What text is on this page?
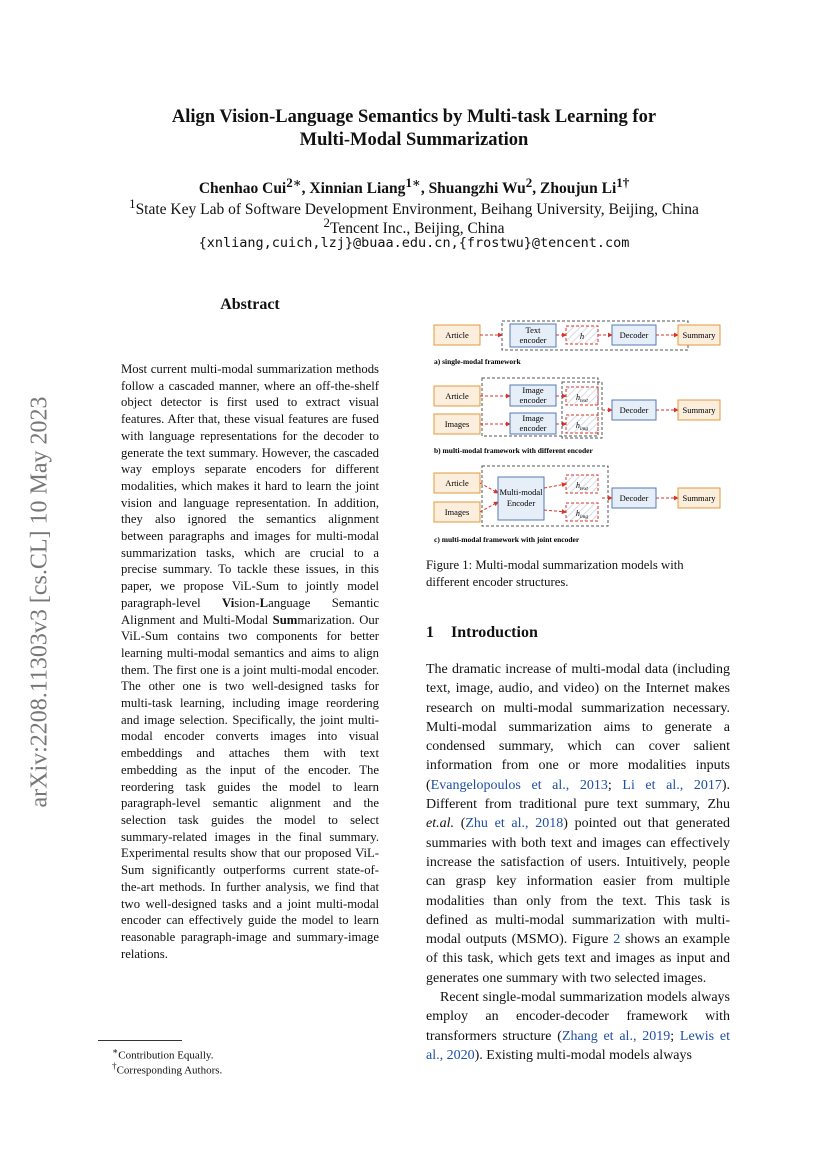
Align Vision-Language Semantics by Multi-task Learning for
Multi-Modal Summarization
Chenhao Cui$^{2∗}$, Xinnian Liang$^{1∗}$, Shuangzhi Wu$^2$, Zhoujun $Li^{1\dagger}$
$^1$State Key Lab of Software Development Environment, Beihang University, Beijing, China
$^2$Tencent Inc., Beijing, China
{xnliang,cuich,lzj}@buaa.edu.cn,{frostwu}@tencent.com
arXiv:2208.11303v3 [cs.CL] 10 May 2023
Abstract

Most current multi-modal summarization methods follow a cascaded manner, where an off-the-shelf object detector is first used to extract visual features. After that, these visual features are fused with language representations for the decoder to generate the text summary. However, the cascaded way employs separate encoders for different modalities, which makes it hard to learn the joint vision and language representation. In addition, they also ignored the semantics alignment between paragraphs and images for multi-modal summarization tasks, which are crucial to a precise summary. To tackle these issues, in this paper, we propose ViL-Sum to jointly model paragraph-level Vision-Language Semantic Alignment and Multi-Modal Summarization. Our ViL-Sum contains two components for better learning multi-modal semantics and aims to align them. The first one is a joint multi-modal encoder. The other one is two well-designed tasks for multi-task learning, including image reordering and image selection. Specifically, the joint multi-modal encoder converts images into visual embeddings and attaches them with text embedding as the input of the encoder. The reordering task guides the model to learn paragraph-level semantic alignment and the selection task guides the model to select summary-related images in the final summary. Experimental results show that our proposed ViL-Sum significantly outperforms current state-of-the-art methods. In further analysis, we find that two well-designed tasks and a joint multi-modal encoder can effectively guide the model to learn reasonable paragraph-image and summary-image relations.

∗Contribution Equally.
†Corresponding Authors.
Article	Text
encoder	h	Decoder	Summary
a) single-modal framework
Article
Images
Image
encoder
Image
encoder
$h_{text}$
$h_{img}$
Decoder	Summary
b) multi-modal framework with different encoder
Article
Images
Multi-modal
Encoder
$h_{text}$
$h_{img}$
Decoder	Summary
c) multi-modal framework with joint encoder
Figure 1: Multi-modal summarization models with different encoder structures.
1 Introduction

The dramatic increase of multi-modal data (including text, image, audio, and video) on the Internet makes research on multi-modal summarization necessary. Multi-modal summarization aims to generate a condensed summary, which can cover salient information from one or more modalities inputs (Evangelopoulos et al., 2013; Li et al., 2017). Different from traditional pure text summary, Zhu et.al. (Zhu et al., 2018) pointed out that generated summaries with both text and images can effectively increase the satisfaction of users. Intuitively, people can grasp key information easier from multiple modalities than only from the text. This task is defined as multi-modal summarization with multi-modal outputs (MSMO). Figure 2 shows an example of this task, which gets text and images as input and generates one summary with two selected images.

Recent single-modal summarization models always employ an encoder-decoder framework with transformers structure (Zhang et al., 2019; Lewis et al., 2020). Existing multi-modal models always
